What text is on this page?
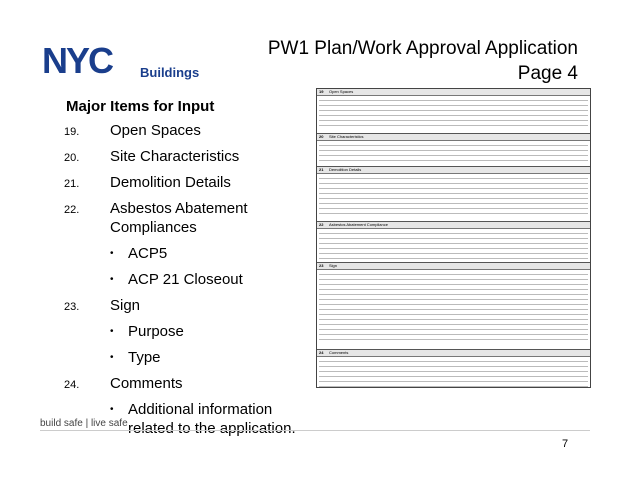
NYC Buildings
PW1 Plan/Work Approval Application
Page 4
Major Items for Input
19. Open Spaces
20. Site Characteristics
21. Demolition Details
22. Asbestos Abatement
Compliances
• ACP5
• ACP 21 Closeout
23. Sign
• Purpose
• Type
24. Comments
• Additional information
related to the application.
19 Open Spaces
20 Site Characteristics
21 Demolition Details
22 Asbestos Abatement Compliance
23 Sign
24 Comments
build safe | live safe
7
